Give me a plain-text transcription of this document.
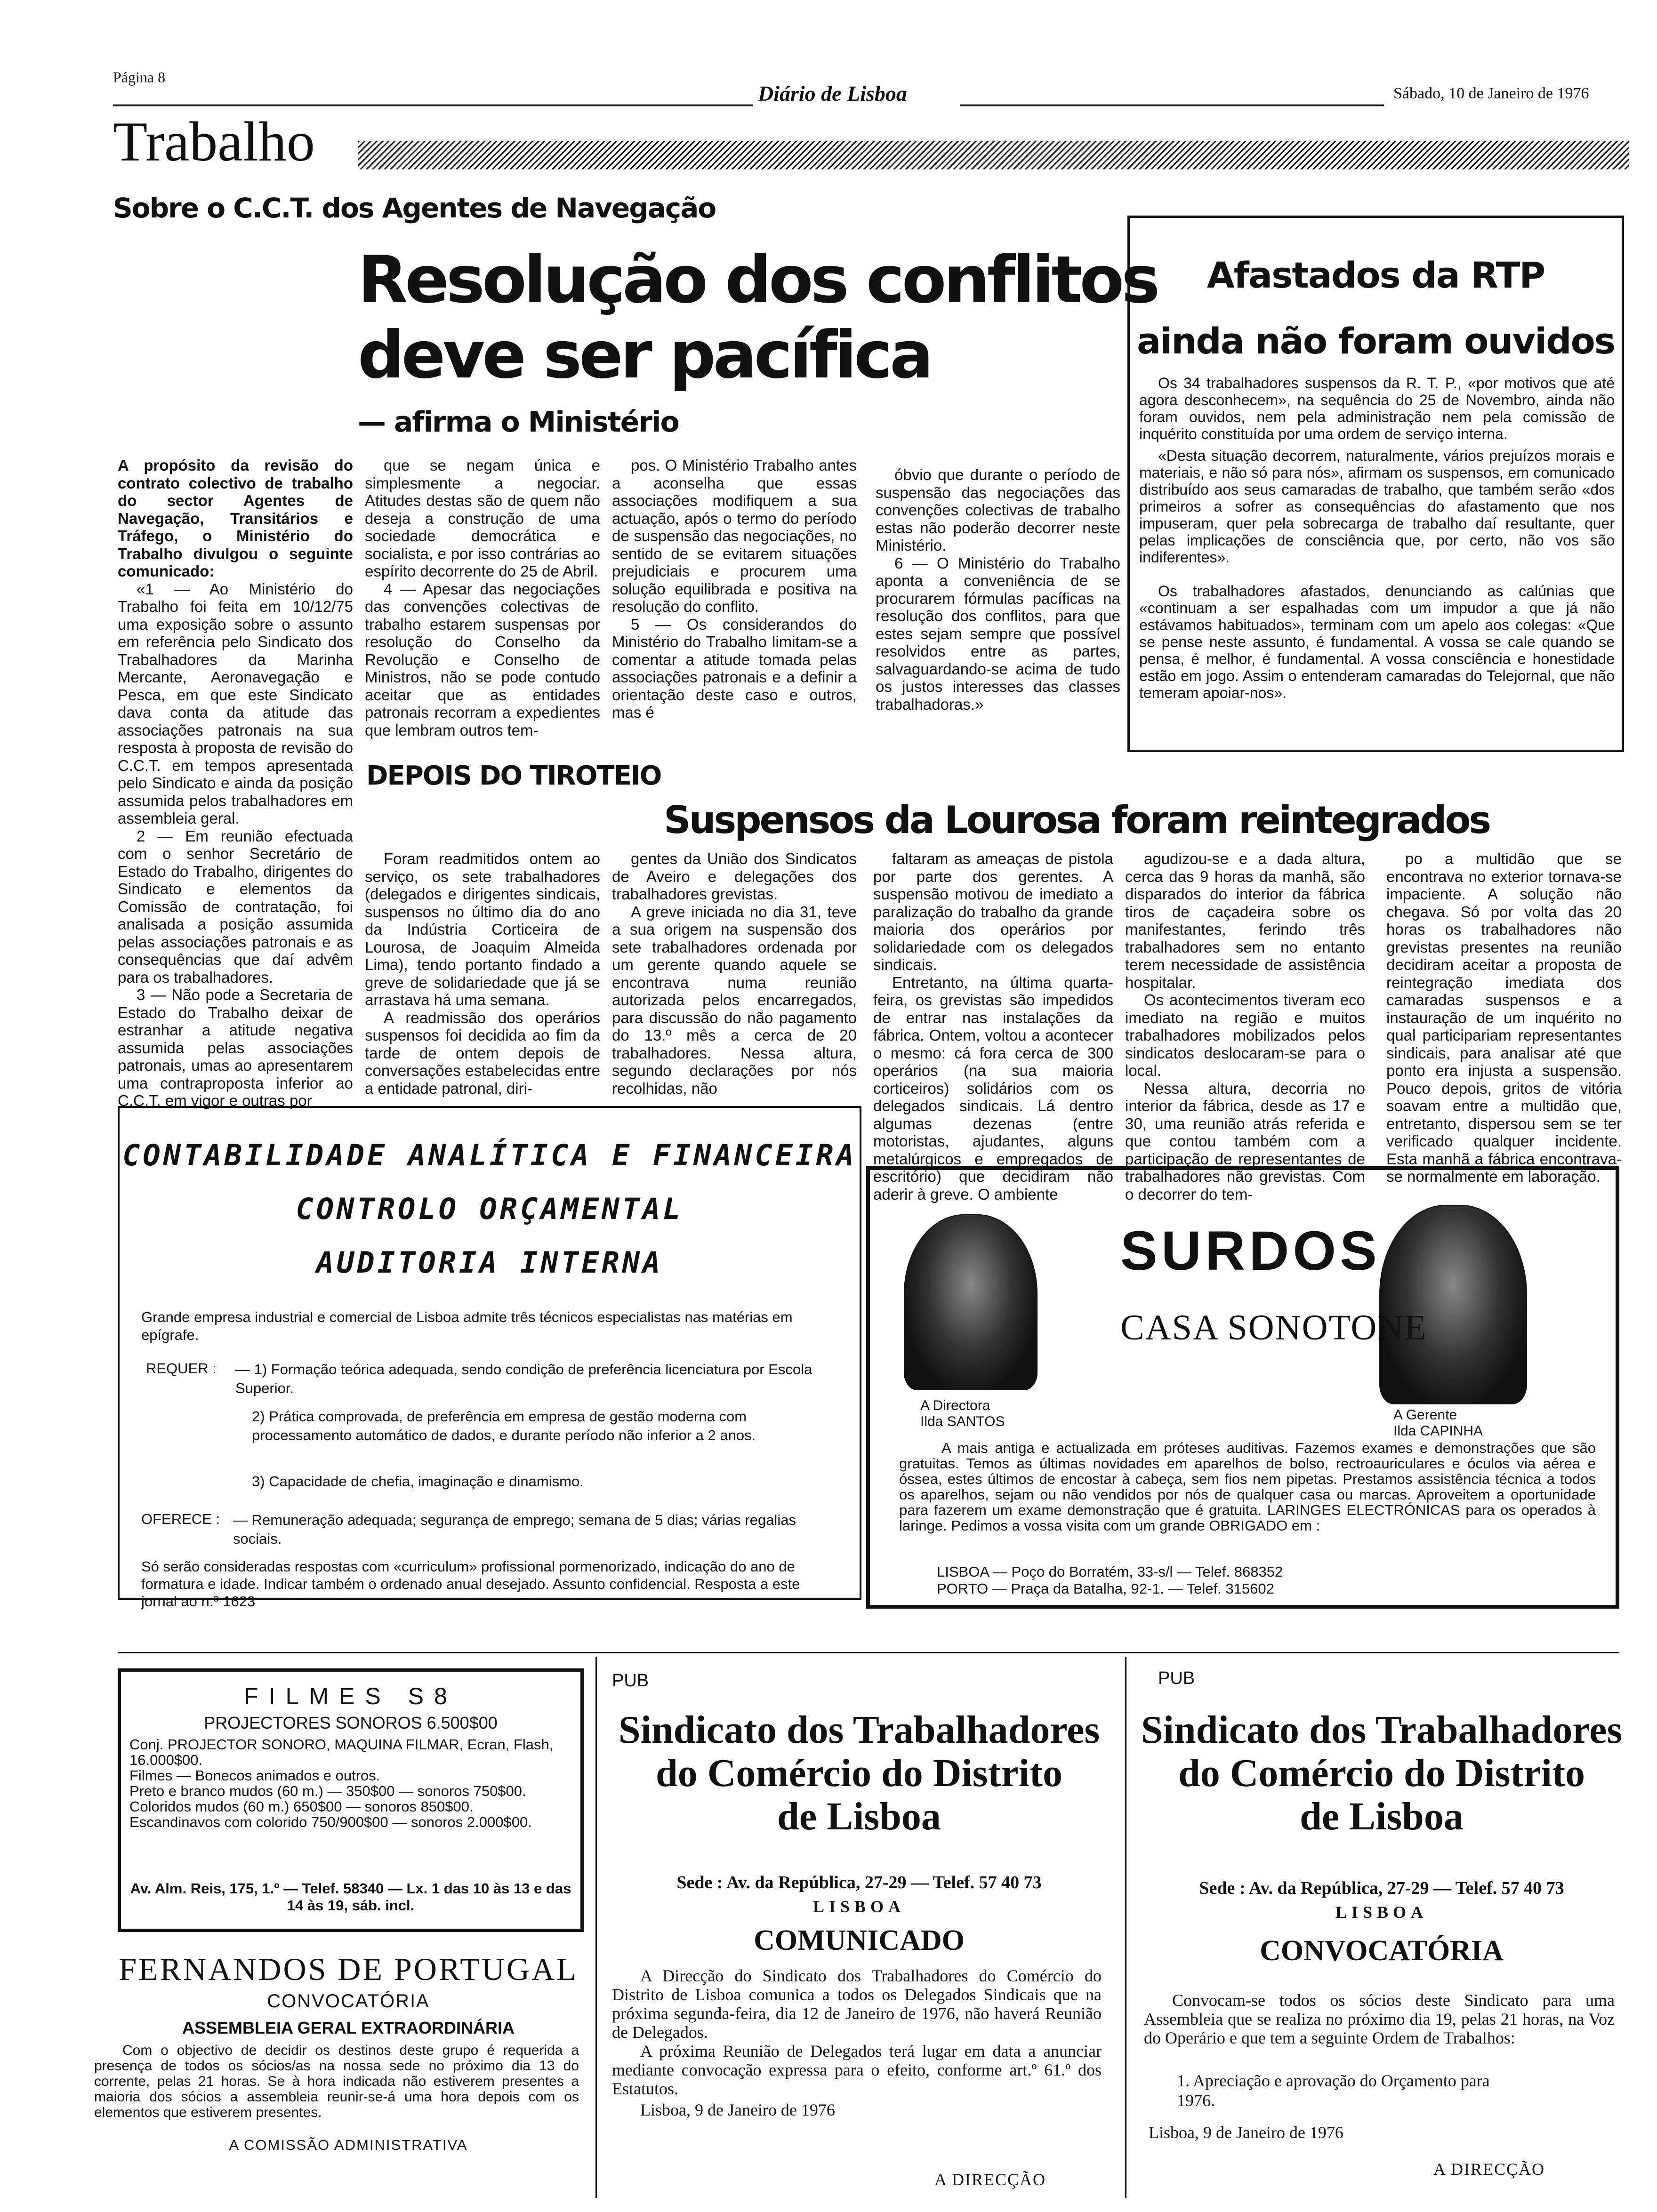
Página 8
Diário de Lisboa	Sábado, 10 de Janeiro de 1976
Trabalho
Sobre o C.C.T. dos Agentes de Navegação
Resolução dos conflitos
deve ser pacífica
— afirma o Ministério

A propósito da revisão do contrato colectivo de trabalho do sector Agentes de Navegação, Transitários e Tráfego, o Ministério do Trabalho divulgou o seguinte comunicado:

«1 — Ao Ministério do Trabalho foi feita em 10/12/75 uma exposição sobre o assunto em referência pelo Sindicato dos Trabalhadores da Marinha Mercante, Aeronavegação e Pesca, em que este Sindicato dava conta da atitude das associações patronais na sua resposta à proposta de revisão do C.C.T. em tempos apresentada pelo Sindicato e ainda da posição assumida pelos trabalhadores em assembleia geral.

2 — Em reunião efectuada com o senhor Secretário de Estado do Trabalho, dirigentes do Sindicato e elementos da Comissão de contratação, foi analisada a posição assumida pelas associações patronais e as consequências que daí advêm para os trabalhadores.

3 — Não pode a Secretaria de Estado do Trabalho deixar de estranhar a atitude negativa assumida pelas associações patronais, umas ao apresentarem uma contraproposta inferior ao C.C.T. em vigor e outras por

que se negam única e simplesmente a negociar. Atitudes destas são de quem não deseja a construção de uma sociedade democrática e socialista, e por isso contrárias ao espírito decorrente do 25 de Abril.

4 — Apesar das negociações das convenções colectivas de trabalho estarem suspensas por resolução do Conselho da Revolução e Conselho de Ministros, não se pode contudo aceitar que as entidades patronais recorram a expedientes que lembram outros tem-

pos. O Ministério Trabalho antes a aconselha que essas associações modifiquem a sua actuação, após o termo do período de suspensão das negociações, no sentido de se evitarem situações prejudiciais e procurem uma solução equilibrada e positiva na resolução do conflito.

5 — Os considerandos do Ministério do Trabalho limitam-se a comentar a atitude tomada pelas associações patronais e a definir a orientação deste caso e outros, mas é

óbvio que durante o período de suspensão das negociações das convenções colectivas de trabalho estas não poderão decorrer neste Ministério.

6 — O Ministério do Trabalho aponta a conveniência de se procurarem fórmulas pacíficas na resolução dos conflitos, para que estes sejam sempre que possível resolvidos entre as partes, salvaguardando-se acima de tudo os justos interesses das classes trabalhadoras.»

Afastados da RTP
ainda não foram ouvidos

Os 34 trabalhadores suspensos da R. T. P., «por motivos que até agora desconhecem», na sequência do 25 de Novembro, ainda não foram ouvidos, nem pela administração nem pela comissão de inquérito constituída por uma ordem de serviço interna.

«Desta situação decorrem, naturalmente, vários prejuízos morais e materiais, e não só para nós», afirmam os suspensos, em comunicado distribuído aos seus camaradas de trabalho, que também serão «dos primeiros a sofrer as consequências do afastamento que nos impuseram, quer pela sobrecarga de trabalho daí resultante, quer pelas implicações de consciência que, por certo, não vos são indiferentes».

Os trabalhadores afastados, denunciando as calúnias que «continuam a ser espalhadas com um impudor a que já não estávamos habituados», terminam com um apelo aos colegas: «Que se pense neste assunto, é fundamental. A vossa se cale quando se pensa, é melhor, é fundamental. A vossa consciência e honestidade estão em jogo. Assim o entenderam camaradas do Telejornal, que não temeram apoiar-nos».

DEPOIS DO TIROTEIO
Suspensos da Lourosa foram reintegrados

Foram readmitidos ontem ao serviço, os sete trabalhadores (delegados e dirigentes sindicais, suspensos no último dia do ano da Indústria Corticeira de Lourosa, de Joaquim Almeida Lima), tendo portanto findado a greve de solidariedade que já se arrastava há uma semana.

A readmissão dos operários suspensos foi decidida ao fim da tarde de ontem depois de conversações estabelecidas entre a entidade patronal, diri-

gentes da União dos Sindicatos de Aveiro e delegações dos trabalhadores grevistas.

A greve iniciada no dia 31, teve a sua origem na suspensão dos sete trabalhadores ordenada por um gerente quando aquele se encontrava numa reunião autorizada pelos encarregados, para discussão do não pagamento do 13.º mês a cerca de 20 trabalhadores. Nessa altura, segundo declarações por nós recolhidas, não

faltaram as ameaças de pistola por parte dos gerentes. A suspensão motivou de imediato a paralização do trabalho da grande maioria dos operários por solidariedade com os delegados sindicais.

Entretanto, na última quarta-feira, os grevistas são impedidos de entrar nas instalações da fábrica. Ontem, voltou a acontecer o mesmo: cá fora cerca de 300 operários (na sua maioria corticeiros) solidários com os delegados sindicais. Lá dentro algumas dezenas (entre motoristas, ajudantes, alguns metalúrgicos e empregados de escritório) que decidiram não aderir à greve. O ambiente

agudizou-se e a dada altura, cerca das 9 horas da manhã, são disparados do interior da fábrica tiros de caçadeira sobre os manifestantes, ferindo três trabalhadores sem no entanto terem necessidade de assistência hospitalar.

Os acontecimentos tiveram eco imediato na região e muitos trabalhadores mobilizados pelos sindicatos deslocaram-se para o local.

Nessa altura, decorria no interior da fábrica, desde as 17 e 30, uma reunião atrás referida e que contou também com a participação de representantes de trabalhadores não grevistas. Com o decorrer do tem-

po a multidão que se encontrava no exterior tornava-se impaciente. A solução não chegava. Só por volta das 20 horas os trabalhadores não grevistas presentes na reunião decidiram aceitar a proposta de reintegração imediata dos camaradas suspensos e a instauração de um inquérito no qual participariam representantes sindicais, para analisar até que ponto era injusta a suspensão. Pouco depois, gritos de vitória soavam entre a multidão que, entretanto, dispersou sem se ter verificado qualquer incidente. Esta manhã a fábrica encontrava-se normalmente em laboração.

CONTABILIDADE ANALÍTICA E FINANCEIRA
CONTROLO ORÇAMENTAL
AUDITORIA INTERNA
Grande empresa industrial e comercial de Lisboa admite três técnicos especialistas nas matérias em epígrafe.
REQUER : — 1) Formação teórica adequada, sendo condição de preferência licenciatura por Escola Superior.
2) Prática comprovada, de preferência em empresa de gestão moderna com processamento automático de dados, e durante período não inferior a 2 anos.
3) Capacidade de chefia, imaginação e dinamismo.
OFERECE : — Remuneração adequada; segurança de emprego; semana de 5 dias; várias regalias sociais.
Só serão consideradas respostas com «curriculum» profissional pormenorizado, indicação do ano de formatura e idade. Indicar também o ordenado anual desejado. Assunto confidencial. Resposta a este jornal ao n.º 1623
SURDOS
CASA SONOTONE
A Directora
Ilda SANTOS	A Gerente
Ilda CAPINHA
A mais antiga e actualizada em próteses auditivas. Fazemos exames e demonstrações que são gratuitas. Temos as últimas novidades em aparelhos de bolso, rectroauriculares e óculos via aérea e óssea, estes últimos de encostar à cabeça, sem fios nem pipetas. Prestamos assistência técnica a todos os aparelhos, sejam ou não vendidos por nós de qualquer casa ou marcas. Aproveitem a oportunidade para fazerem um exame demonstração que é gratuita. LARINGES ELECTRÓNICAS para os operados à laringe. Pedimos a vossa visita com um grande OBRIGADO em :
LISBOA — Poço do Borratém, 33-s/l — Telef. 868352
PORTO — Praça da Batalha, 92-1. — Telef. 315602
FILMES S8
PROJECTORES SONOROS 6.500$00
Conj. PROJECTOR SONORO, MAQUINA FILMAR, Ecran, Flash, 16.000$00.
Filmes — Bonecos animados e outros.
Preto e branco mudos (60 m.) — 350$00 — sonoros 750$00.
Coloridos mudos (60 m.) 650$00 — sonoros 850$00.
Escandinavos com colorido 750/900$00 — sonoros 2.000$00.
Av. Alm. Reis, 175, 1.º — Telef. 58340 — Lx. 1 das 10 às 13 e das 14 às 19, sáb. incl.
FERNANDOS DE PORTUGAL
CONVOCATÓRIA
ASSEMBLEIA GERAL EXTRAORDINÁRIA
Com o objectivo de decidir os destinos deste grupo é requerida a presença de todos os sócios/as na nossa sede no próximo dia 13 do corrente, pelas 21 horas. Se à hora indicada não estiverem presentes a maioria dos sócios a assembleia reunir-se-á uma hora depois com os elementos que estiverem presentes.
A COMISSÃO ADMINISTRATIVA
PUB
Sindicato dos Trabalhadores
do Comércio do Distrito
de Lisboa
Sede : Av. da República, 27-29 — Telef. 57 40 73
LISBOA
COMUNICADO
A Direcção do Sindicato dos Trabalhadores do Comércio do Distrito de Lisboa comunica a todos os Delegados Sindicais que na próxima segunda-feira, dia 12 de Janeiro de 1976, não haverá Reunião de Delegados.
A próxima Reunião de Delegados terá lugar em data a anunciar mediante convocação expressa para o efeito, conforme art.º 61.º dos Estatutos.
Lisboa, 9 de Janeiro de 1976
A DIRECÇÃO
PUB
Sindicato dos Trabalhadores
do Comércio do Distrito
de Lisboa
Sede : Av. da República, 27-29 — Telef. 57 40 73
LISBOA
CONVOCATÓRIA
Convocam-se todos os sócios deste Sindicato para uma Assembleia que se realiza no próximo dia 19, pelas 21 horas, na Voz do Operário e que tem a seguinte Ordem de Trabalhos:
1. Apreciação e aprovação do Orçamento para 1976.
Lisboa, 9 de Janeiro de 1976
A DIRECÇÃO
